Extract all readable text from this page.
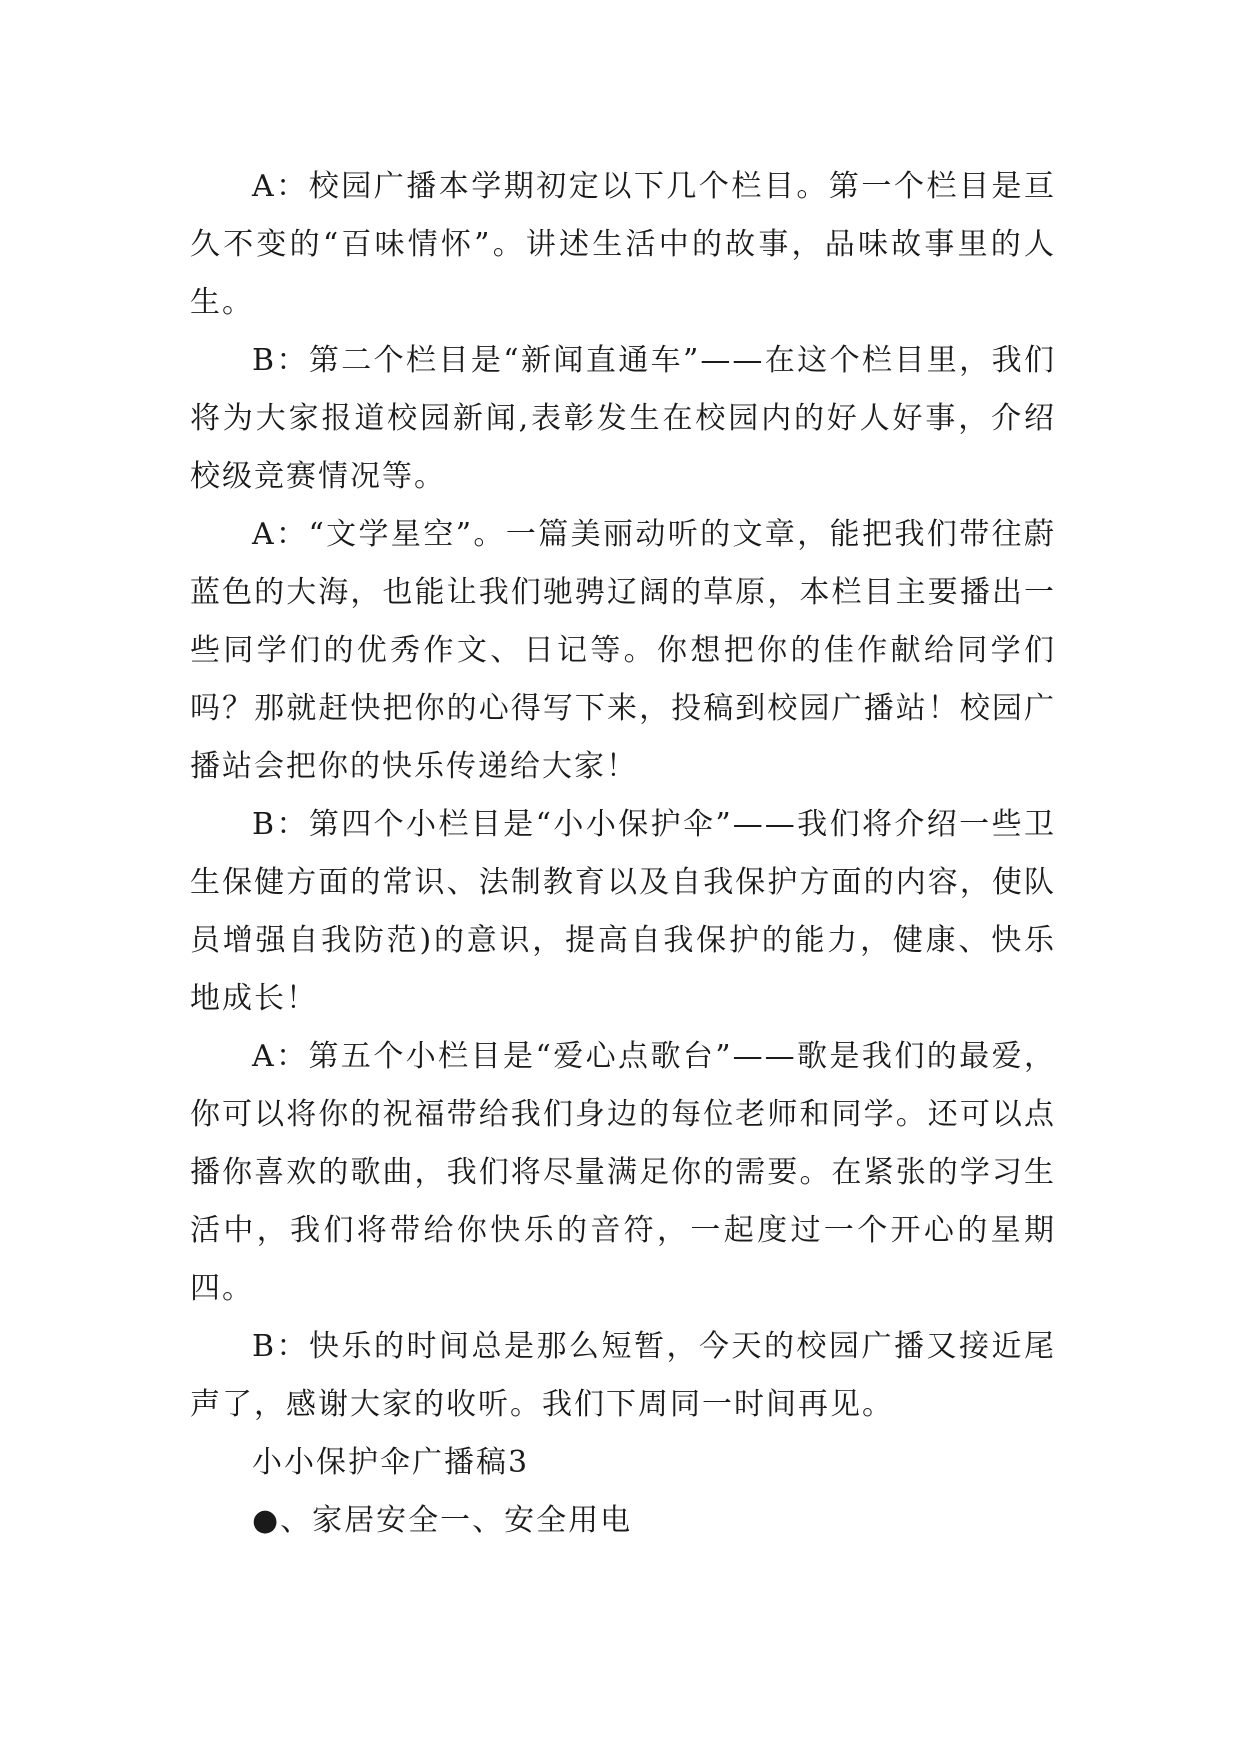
A：校园广播本学期初定以下几个栏目。第一个栏目是亘久不变的“百味情怀”。讲述生活中的故事，品味故事里的人生。

B：第二个栏目是“新闻直通车”——在这个栏目里，我们将为大家报道校园新闻,表彰发生在校园内的好人好事，介绍校级竞赛情况等。

A：“文学星空”。一篇美丽动听的文章，能把我们带往蔚蓝色的大海，也能让我们驰骋辽阔的草原，本栏目主要播出一些同学们的优秀作文、日记等。你想把你的佳作献给同学们吗？那就赶快把你的心得写下来，投稿到校园广播站！校园广播站会把你的快乐传递给大家！

B：第四个小栏目是“小小保护伞”——我们将介绍一些卫生保健方面的常识、法制教育以及自我保护方面的内容，使队员增强自我防范)的意识，提高自我保护的能力，健康、快乐地成长！

A：第五个小栏目是“爱心点歌台”——歌是我们的最爱，你可以将你的祝福带给我们身边的每位老师和同学。还可以点播你喜欢的歌曲，我们将尽量满足你的需要。在紧张的学习生活中，我们将带给你快乐的音符，一起度过一个开心的星期四。

B：快乐的时间总是那么短暂，今天的校园广播又接近尾声了，感谢大家的收听。我们下周同一时间再见。

小小保护伞广播稿3

●、家居安全一、安全用电
